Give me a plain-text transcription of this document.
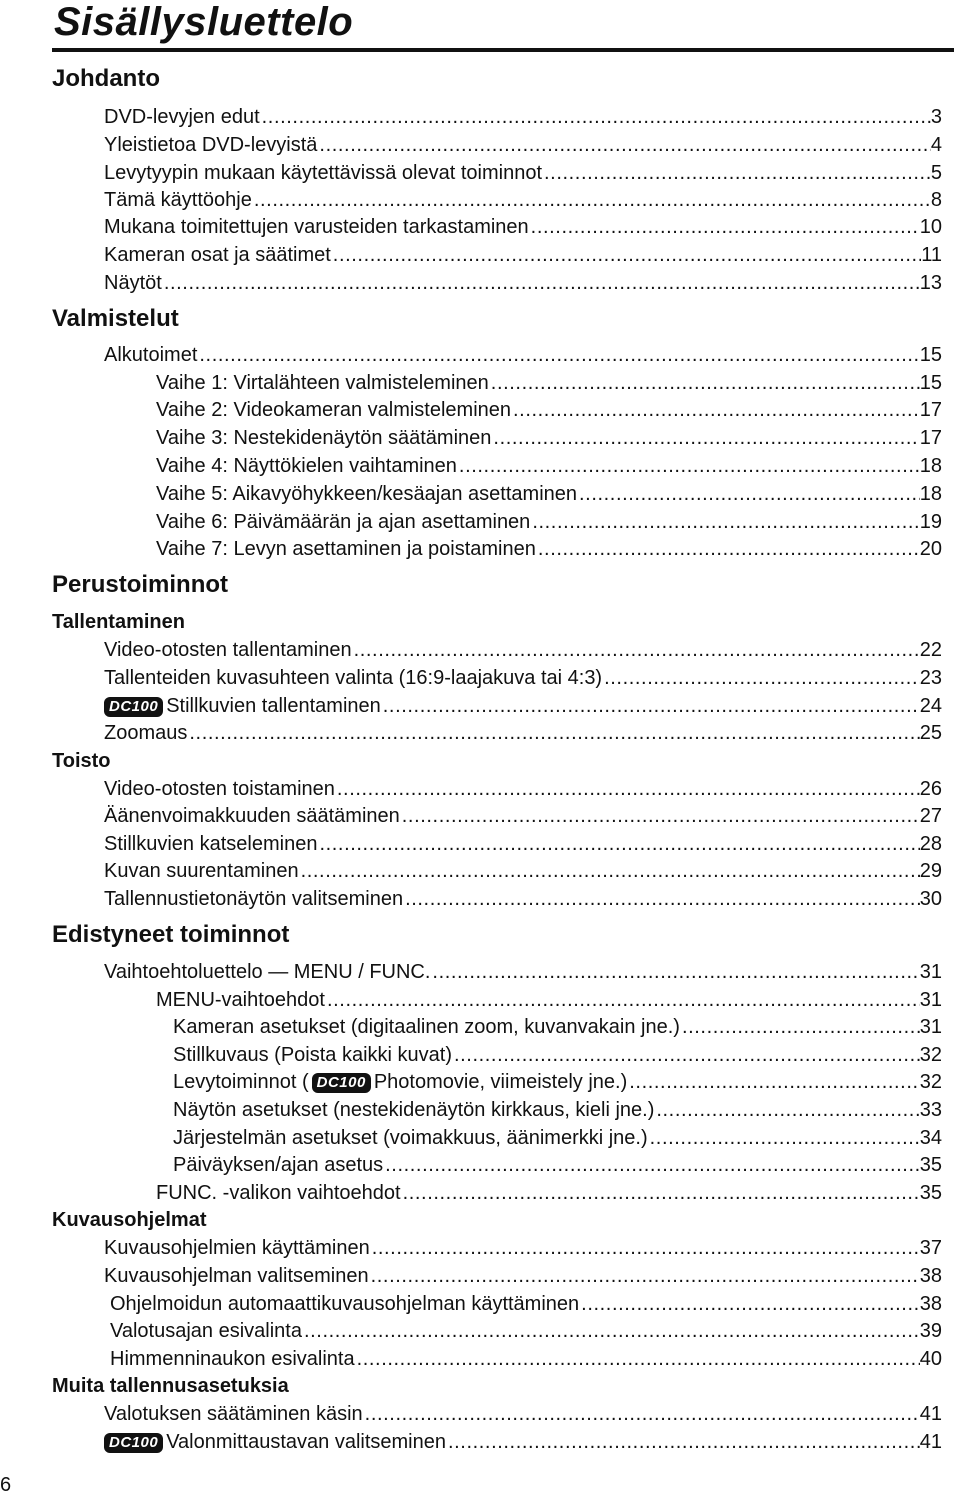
Sisällysluettelo
Johdanto
DVD-levyjen edut .....	3
Yleistietoa DVD-levyistä .....	4
Levytyypin mukaan käytettävissä olevat toiminnot .....	5
Tämä käyttöohje .....	8
Mukana toimitettujen varusteiden tarkastaminen .....	10
Kameran osat ja säätimet .....	11
Näytöt .....	13
Valmistelut
Alkutoimet .....	15
Vaihe 1: Virtalähteen valmisteleminen .....	15
Vaihe 2: Videokameran valmisteleminen .....	17
Vaihe 3: Nestekidenäytön säätäminen .....	17
Vaihe 4: Näyttökielen vaihtaminen .....	18
Vaihe 5: Aikavyöhykkeen/kesäajan asettaminen .....	18
Vaihe 6: Päivämäärän ja ajan asettaminen .....	19
Vaihe 7: Levyn asettaminen ja poistaminen .....	20
Perustoiminnot
Tallentaminen
Video-otosten tallentaminen .....	22
Tallenteiden kuvasuhteen valinta (16:9-laajakuva tai 4:3) .....	23
DC100 Stillkuvien tallentaminen .....	24
Zoomaus .....	25
Toisto
Video-otosten toistaminen .....	26
Äänenvoimakkuuden säätäminen .....	27
Stillkuvien katseleminen .....	28
Kuvan suurentaminen .....	29
Tallennustietonäytön valitseminen .....	30
Edistyneet toiminnot
Vaihtoehtoluettelo — MENU / FUNC. .....	31
MENU-vaihtoehdot .....	31
Kameran asetukset (digitaalinen zoom, kuvanvakain jne.) .....	31
Stillkuvaus (Poista kaikki kuvat) .....	32
Levytoiminnot ( DC100 Photomovie, viimeistely jne.) .....	32
Näytön asetukset (nestekidenäytön kirkkaus, kieli jne.) .....	33
Järjestelmän asetukset (voimakkuus, äänimerkki jne.) .....	34
Päiväyksen/ajan asetus .....	35
FUNC. -valikon vaihtoehdot .....	35
Kuvausohjelmat
Kuvausohjelmien käyttäminen .....	37
Kuvausohjelman valitseminen .....	38
Ohjelmoidun automaattikuvausohjelman käyttäminen .....	38
Valotusajan esivalinta .....	39
Himmenninaukon esivalinta .....	40
Muita tallennusasetuksia
Valotuksen säätäminen käsin .....	41
DC100 Valonmittaustavan valitseminen .....	41
6
